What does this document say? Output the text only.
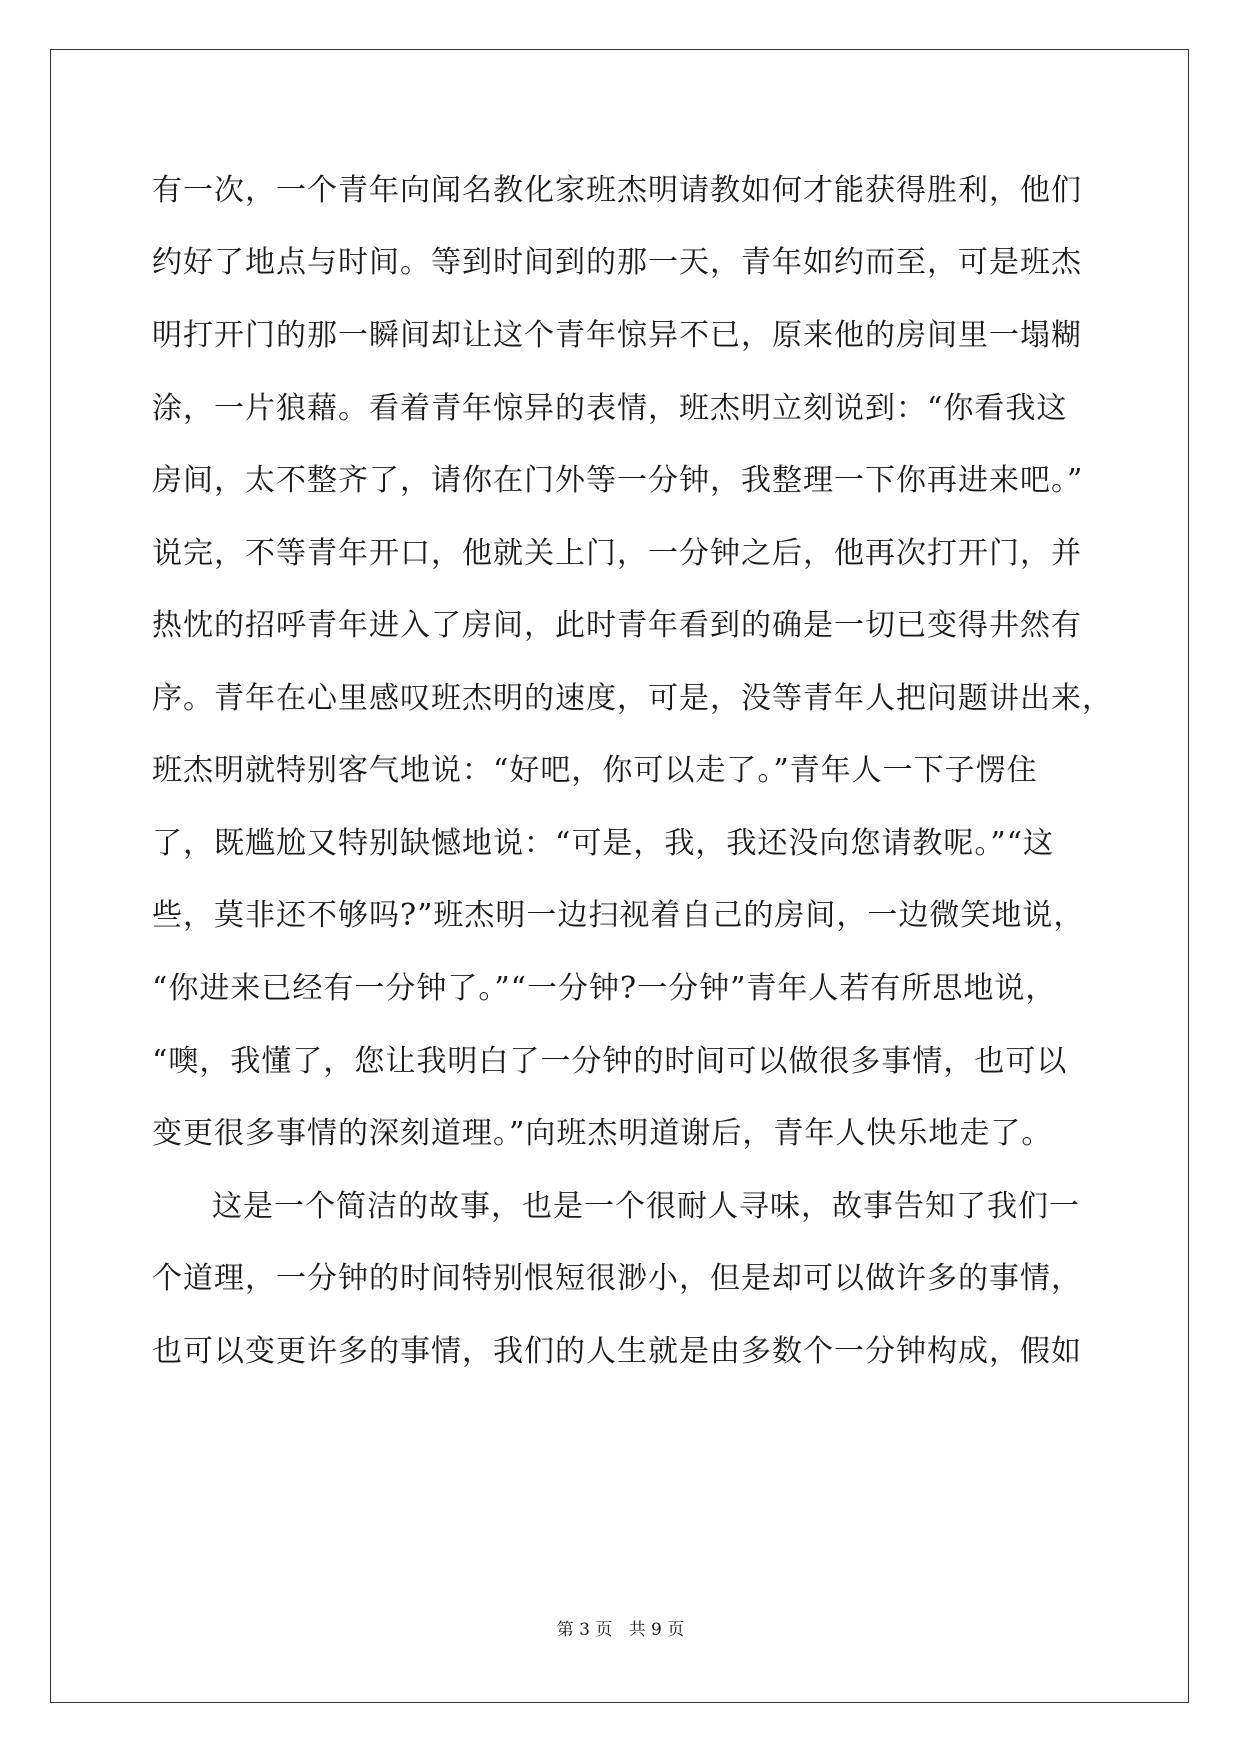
有一次，一个青年向闻名教化家班杰明请教如何才能获得胜利，他们
约好了地点与时间。等到时间到的那一天，青年如约而至，可是班杰
明打开门的那一瞬间却让这个青年惊异不已，原来他的房间里一塌糊
涂，一片狼藉。看着青年惊异的表情，班杰明立刻说到：“你看我这
房间，太不整齐了，请你在门外等一分钟，我整理一下你再进来吧。”
说完，不等青年开口，他就关上门，一分钟之后，他再次打开门，并
热忱的招呼青年进入了房间，此时青年看到的确是一切已变得井然有
序。青年在心里感叹班杰明的速度，可是，没等青年人把问题讲出来，
班杰明就特别客气地说：“好吧，你可以走了。”青年人一下子愣住
了，既尴尬又特别缺憾地说：“可是，我，我还没向您请教呢。”“这
些，莫非还不够吗?”班杰明一边扫视着自己的房间，一边微笑地说，
“你进来已经有一分钟了。”“一分钟?一分钟”青年人若有所思地说，
“噢，我懂了，您让我明白了一分钟的时间可以做很多事情，也可以
变更很多事情的深刻道理。”向班杰明道谢后，青年人快乐地走了。
这是一个简洁的故事，也是一个很耐人寻味，故事告知了我们一
个道理，一分钟的时间特别恨短很渺小，但是却可以做许多的事情，
也可以变更许多的事情，我们的人生就是由多数个一分钟构成，假如
第 3 页   共 9 页
